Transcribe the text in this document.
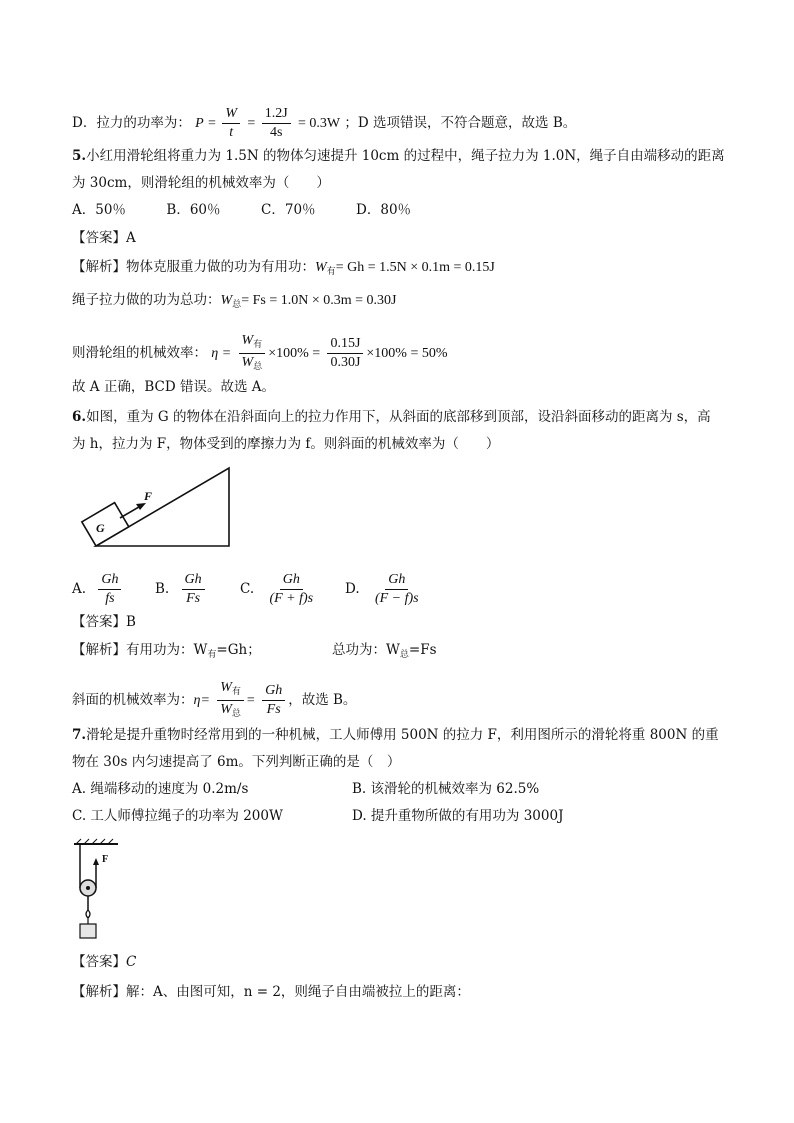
D．拉力的功率为： $P = \frac{W}{t} = \frac{1.2J}{4s} = 0.3W$ ；D 选项错误，不符合题意，故选 B。
5.小红用滑轮组将重力为 1.5N 的物体匀速提升 10cm 的过程中，绳子拉力为 1.0N，绳子自由端移动的距离
为 30cm，则滑轮组的机械效率为（　　）
A．50％　　　B．60％　　　C．70％　　　D．80％
【答案】A
【解析】物体克服重力做的功为有用功：$W_有= Gh = 1.5N \times 0.1m = 0.15J$
绳子拉力做的功为总功：$W_总= Fs = 1.0N \times 0.3m = 0.30J$
则滑轮组的机械效率： $\eta = \frac{W_有}{W_总} \times 100\% = \frac{0.15J}{0.30J} \times 100\% = 50\%$
故 A 正确，BCD 错误。故选 A。
6.如图，重为 G 的物体在沿斜面向上的拉力作用下，从斜面的底部移到顶部，设沿斜面移动的距离为 s，高
为 h，拉力为 F，物体受到的摩擦力为 f。则斜面的机械效率为（　　）
F
G
A. $\frac{Gh}{fs} B$. $\frac{Gh}{Fs}$	C. $\frac{Gh}{(F + f)s} D$. $\frac{Gh}{(F - f)s}$
【答案】B
【解析】有用功为：$W_有=Gh$；	总功为：$W_总=Fs$
斜面的机械效率为：$\eta= \frac{W_有}{W_总} = \frac{Gh}{Fs}$ ，故选 B。
7.滑轮是提升重物时经常用到的一种机械，工人师傅用 500N 的拉力 F，利用图所示的滑轮将重 800N 的重
物在 30s 内匀速提高了 6m。下列判断正确的是（　）
A. 绳端移动的速度为 0.2m/s	B. 该滑轮的机械效率为 62.5%
C. 工人师傅拉绳子的功率为 200W	D. 提升重物所做的有用功为 3000J
F
【答案】C
【解析】解：A、由图可知，n = 2，则绳子自由端被拉上的距离：
